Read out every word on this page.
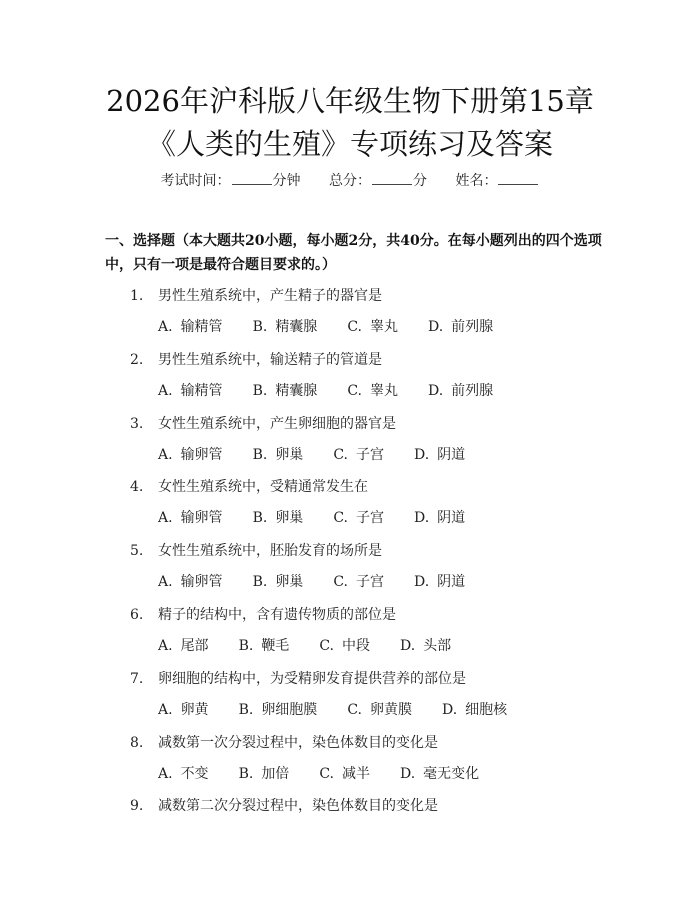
2026年沪科版八年级生物下册第15章《人类的生殖》专项练习及答案
考试时间：	分钟 总分：	分 姓名：
一、选择题（本大题共20小题，每小题2分，共40分。在每小题列出的四个选项中，只有一项是最符合题目要求的。）
1. 男性生殖系统中，产生精子的器官是
A. 输精管 B. 精囊腺 C. 睾丸 D. 前列腺
2. 男性生殖系统中，输送精子的管道是
A. 输精管 B. 精囊腺 C. 睾丸 D. 前列腺
3. 女性生殖系统中，产生卵细胞的器官是
A. 输卵管 B. 卵巢 C. 子宫 D. 阴道
4. 女性生殖系统中，受精通常发生在
A. 输卵管 B. 卵巢 C. 子宫 D. 阴道
5. 女性生殖系统中，胚胎发育的场所是
A. 输卵管 B. 卵巢 C. 子宫 D. 阴道
6. 精子的结构中，含有遗传物质的部位是
A. 尾部 B. 鞭毛 C. 中段 D. 头部
7. 卵细胞的结构中，为受精卵发育提供营养的部位是
A. 卵黄 B. 卵细胞膜 C. 卵黄膜 D. 细胞核
8. 减数第一次分裂过程中，染色体数目的变化是
A. 不变 B. 加倍 C. 减半 D. 毫无变化
9. 减数第二次分裂过程中，染色体数目的变化是
